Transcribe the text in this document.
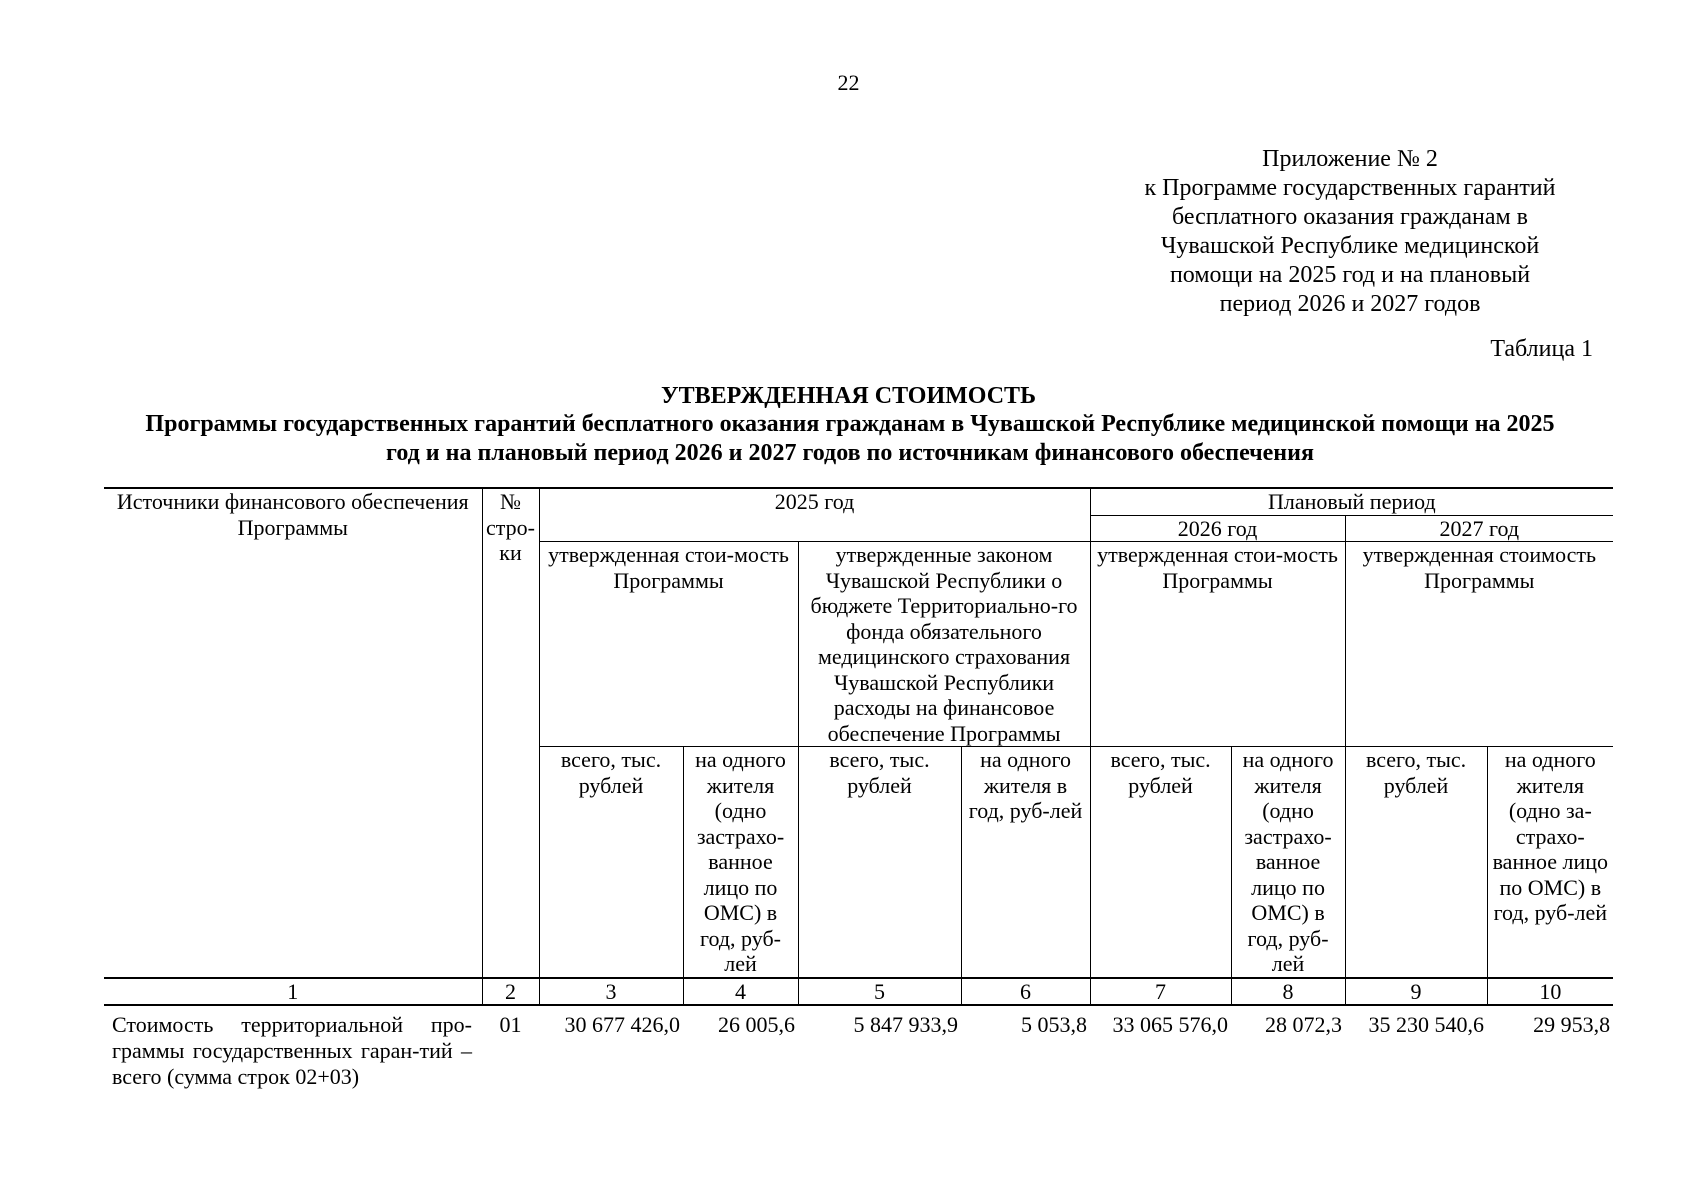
22
Приложение № 2
к Программе государственных гарантий
бесплатного оказания гражданам в
Чувашской Республике медицинской
помощи на 2025 год и на плановый
период 2026 и 2027 годов
Таблица 1
УТВЕРЖДЕННАЯ СТОИМОСТЬ
Программы государственных гарантий бесплатного оказания гражданам в Чувашской Республике медицинской помощи на 2025 год и на плановый период 2026 и 2027 годов по источникам финансового обеспечения
Источники финансового обеспечения Программы	№ стро-ки	2025 год				Плановый период			
						2026 год		2027 год	
		утвержденная стои-мость Программы		утвержденные законом Чувашской Республики о бюджете Территориально-го фонда обязательного медицинского страхования Чувашской Республики расходы на финансовое обеспечение Программы		утвержденная стои-мость Программы		утвержденная стоимость Программы	
		всего, тыс. рублей	на одного жителя (одно застрахо-ванное лицо по ОМС) в год, руб-лей	всего, тыс. рублей	на одного жителя в год, руб-лей	всего, тыс. рублей	на одного жителя (одно застрахо-ванное лицо по ОМС) в год, руб-лей	всего, тыс. рублей	на одного жителя (одно за-страхо-ванное лицо по ОМС) в год, руб-лей
1	2	3	4	5	6	7	8	9	10
Стоимость территориальной про-граммы государственных гаран-тий – всего (сумма строк 02+03)	01	30 677 426,0	26 005,6	5 847 933,9	5 053,8	33 065 576,0	28 072,3	35 230 540,6	29 953,8
